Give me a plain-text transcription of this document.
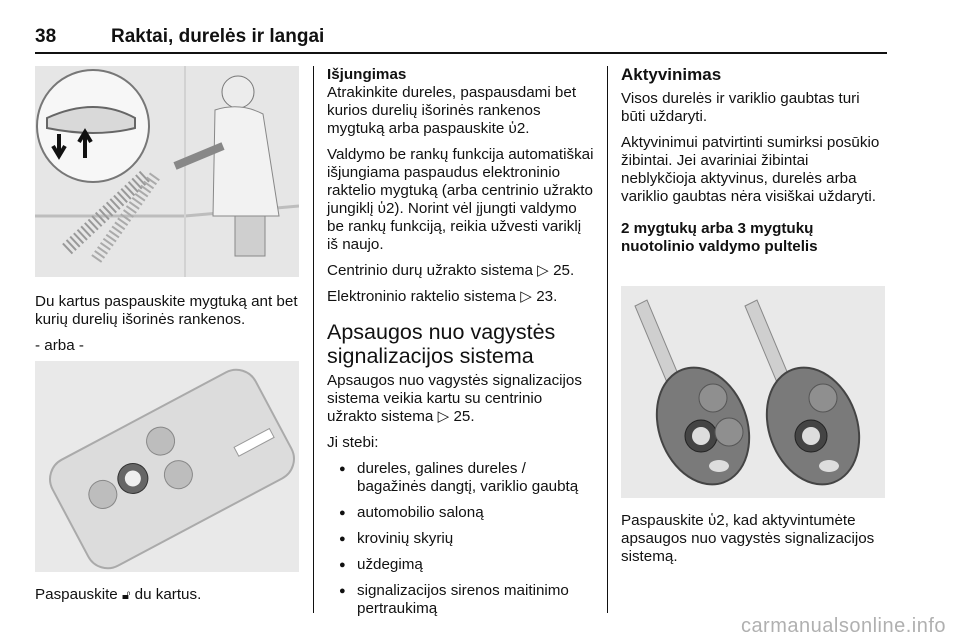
38	Raktai, durelės ir langai

Du kartus paspauskite mygtuką ant bet kurių durelių išorinės rankenos.

- arba -

Paspauskite 🔓︎ du kartus.

Išjungimas

Atrakinkite dureles, paspausdami bet kurios durelių išorinės rankenos mygtuką arba paspauskite ὑ2.

Valdymo be rankų funkcija automatiškai išjungiama paspaudus elektroninio raktelio mygtuką (arba centrinio užrakto jungiklį ὑ2). Norint vėl įjungti valdymo be rankų funkciją, reikia užvesti variklį iš naujo.

Centrinio durų užrakto sistema ▷ 25.

Elektroninio raktelio sistema ▷ 23.

Apsaugos nuo vagystės signalizacijos sistema

Apsaugos nuo vagystės signalizacijos sistema veikia kartu su centrinio užrakto sistema ▷ 25.

Ji stebi:

● dureles, galines dureles / bagažinės dangtį, variklio gaubtą
● automobilio saloną
● krovinių skyrių
● uždegimą
● signalizacijos sirenos maitinimo pertraukimą
Aktyvinimas

Visos durelės ir variklio gaubtas turi būti uždaryti.

Aktyvinimui patvirtinti sumirksi posūkio žibintai. Jei avariniai žibintai neblykčioja aktyvinus, durelės arba variklio gaubtas nėra visiškai uždaryti.

2 mygtukų arba 3 mygtukų nuotolinio valdymo pultelis

Paspauskite ὑ2, kad aktyvintumėte apsaugos nuo vagystės signalizacijos sistemą.

carmanualsonline.info
